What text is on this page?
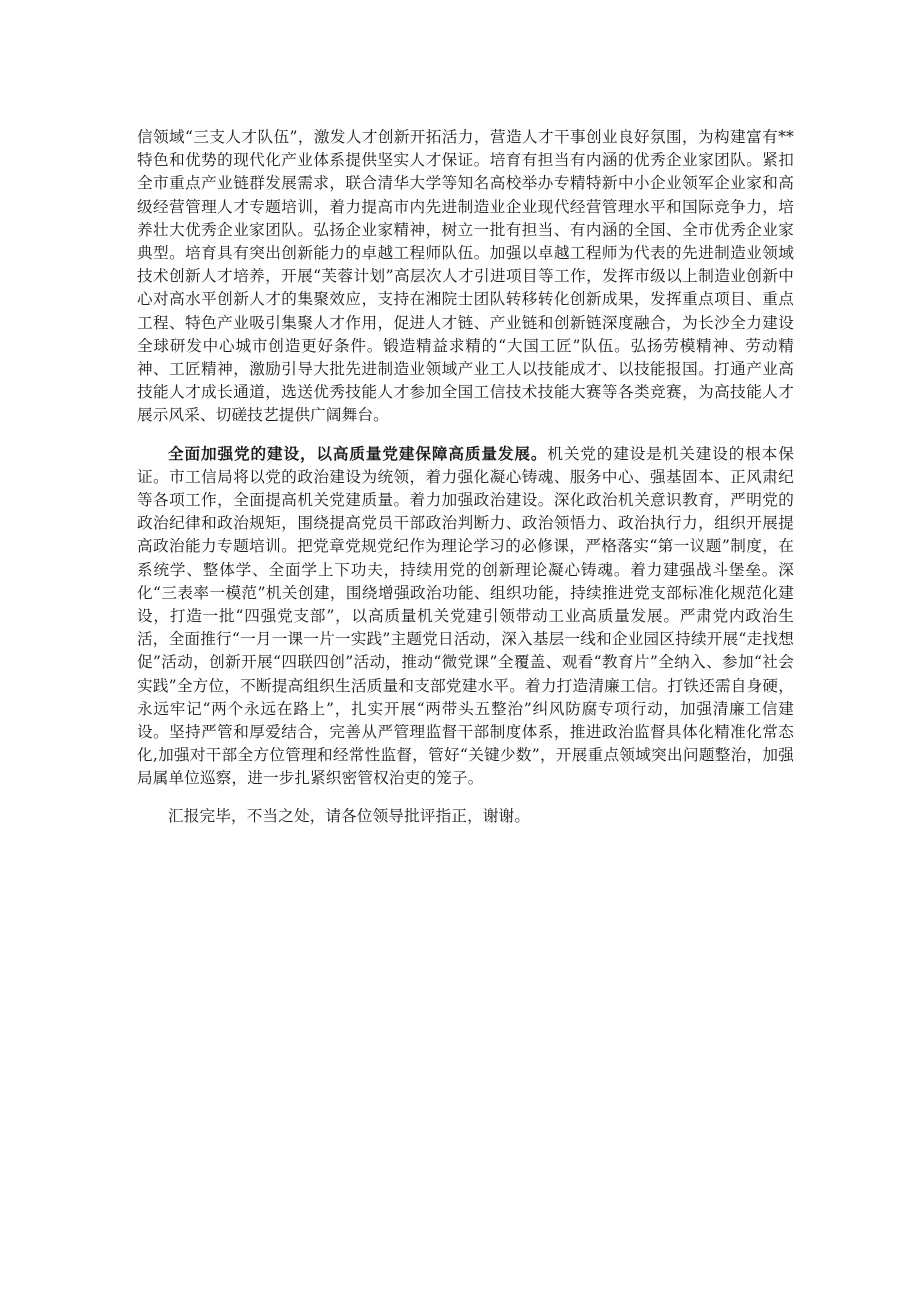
信领域“三支人才队伍”，激发人才创新开拓活力，营造人才干事创业良好氛围，为构建富有**特色和优势的现代化产业体系提供坚实人才保证。培育有担当有内涵的优秀企业家团队。紧扣全市重点产业链群发展需求，联合清华大学等知名高校举办专精特新中小企业领军企业家和高级经营管理人才专题培训，着力提高市内先进制造业企业现代经营管理水平和国际竞争力，培养壮大优秀企业家团队。弘扬企业家精神，树立一批有担当、有内涵的全国、全市优秀企业家典型。培育具有突出创新能力的卓越工程师队伍。加强以卓越工程师为代表的先进制造业领域技术创新人才培养，开展“芙蓉计划”高层次人才引进项目等工作，发挥市级以上制造业创新中心对高水平创新人才的集聚效应，支持在湘院士团队转移转化创新成果，发挥重点项目、重点工程、特色产业吸引集聚人才作用，促进人才链、产业链和创新链深度融合，为长沙全力建设全球研发中心城市创造更好条件。锻造精益求精的“大国工匠”队伍。弘扬劳模精神、劳动精神、工匠精神，激励引导大批先进制造业领域产业工人以技能成才、以技能报国。打通产业高技能人才成长通道，选送优秀技能人才参加全国工信技术技能大赛等各类竞赛，为高技能人才展示风采、切磋技艺提供广阔舞台。

全面加强党的建设，以高质量党建保障高质量发展。机关党的建设是机关建设的根本保证。市工信局将以党的政治建设为统领，着力强化凝心铸魂、服务中心、强基固本、正风肃纪等各项工作，全面提高机关党建质量。着力加强政治建设。深化政治机关意识教育，严明党的政治纪律和政治规矩，围绕提高党员干部政治判断力、政治领悟力、政治执行力，组织开展提高政治能力专题培训。把党章党规党纪作为理论学习的必修课，严格落实“第一议题”制度，在系统学、整体学、全面学上下功夫，持续用党的创新理论凝心铸魂。着力建强战斗堡垒。深化“三表率一模范”机关创建，围绕增强政治功能、组织功能，持续推进党支部标准化规范化建设，打造一批“四强党支部”，以高质量机关党建引领带动工业高质量发展。严肃党内政治生活，全面推行“一月一课一片一实践”主题党日活动，深入基层一线和企业园区持续开展“走找想促”活动，创新开展“四联四创”活动，推动“微党课”全覆盖、观看“教育片”全纳入、参加“社会实践”全方位，不断提高组织生活质量和支部党建水平。着力打造清廉工信。打铁还需自身硬，永远牢记“两个永远在路上”，扎实开展“两带头五整治”纠风防腐专项行动，加强清廉工信建设。坚持严管和厚爱结合，完善从严管理监督干部制度体系，推进政治监督具体化精准化常态化,加强对干部全方位管理和经常性监督，管好“关键少数”，开展重点领域突出问题整治，加强局属单位巡察，进一步扎紧织密管权治吏的笼子。

汇报完毕，不当之处，请各位领导批评指正，谢谢。
